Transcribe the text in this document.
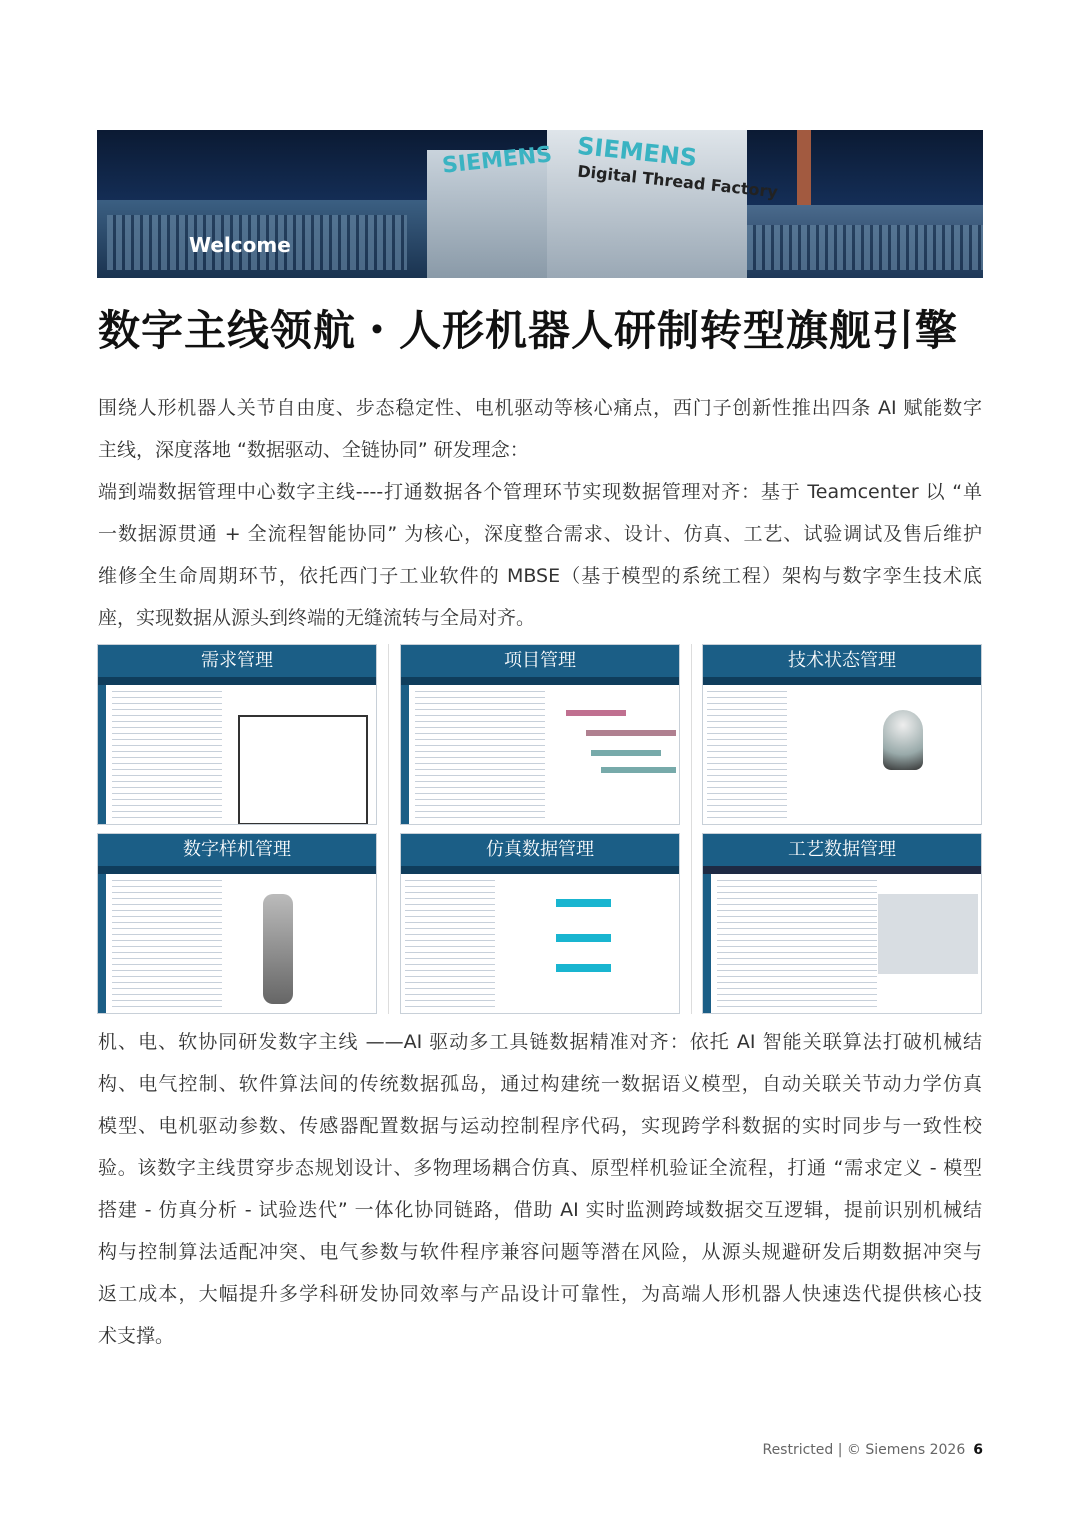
SIEMENS SIEMENS
Digital Thread Factory
Welcome
数字主线领航・人形机器人研制转型旗舰引擎
围绕人形机器人关节自由度、步态稳定性、电机驱动等核心痛点，西门子创新性推出四条 AI 赋能数字
主线，深度落地 “数据驱动、全链协同” 研发理念：
端到端数据管理中心数字主线----打通数据各个管理环节实现数据管理对齐：基于 Teamcenter 以 “单
一数据源贯通 + 全流程智能协同” 为核心，深度整合需求、设计、仿真、工艺、试验调试及售后维护
维修全生命周期环节，依托西门子工业软件的 MBSE（基于模型的系统工程）架构与数字孪生技术底
座，实现数据从源头到终端的无缝流转与全局对齐。
需求管理	项目管理	技术状态管理
数字样机管理	仿真数据管理	工艺数据管理
机、电、软协同研发数字主线 ——AI 驱动多工具链数据精准对齐：依托 AI 智能关联算法打破机械结
构、电气控制、软件算法间的传统数据孤岛，通过构建统一数据语义模型，自动关联关节动力学仿真
模型、电机驱动参数、传感器配置数据与运动控制程序代码，实现跨学科数据的实时同步与一致性校
验。该数字主线贯穿步态规划设计、多物理场耦合仿真、原型样机验证全流程，打通 “需求定义 - 模型
搭建 - 仿真分析 - 试验迭代” 一体化协同链路，借助 AI 实时监测跨域数据交互逻辑，提前识别机械结
构与控制算法适配冲突、电气参数与软件程序兼容问题等潜在风险，从源头规避研发后期数据冲突与
返工成本，大幅提升多学科研发协同效率与产品设计可靠性，为高端人形机器人快速迭代提供核心技
术支撑。
Restricted | © Siemens 2026 6
